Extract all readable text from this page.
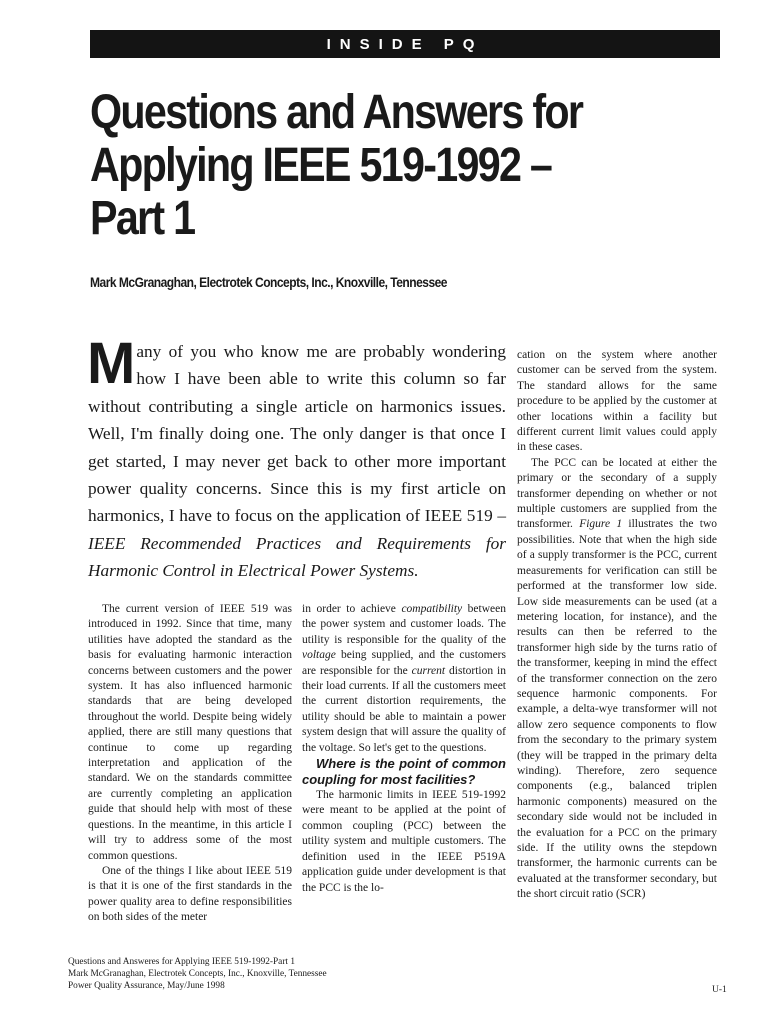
INSIDE PQ
Questions and Answers for
Applying IEEE 519-1992 –
Part 1
Mark McGranaghan, Electrotek Concepts, Inc., Knoxville, Tennessee
M any of you who know me are probably wondering how I have been able to write this column so far without contributing a single article on harmonics issues. Well, I'm finally doing one. The only danger is that once I get started, I may never get back to other more important power quality concerns. Since this is my first article on harmonics, I have to focus on the application of IEEE 519 – IEEE Recommended Practices and Requirements for Harmonic Control in Electrical Power Systems.

The current version of IEEE 519 was introduced in 1992. Since that time, many utilities have adopted the standard as the basis for evaluating harmonic interaction concerns between customers and the power system. It has also influenced harmonic standards that are being developed throughout the world. Despite being widely applied, there are still many questions that continue to come up regarding interpretation and application of the standard. We on the standards committee are currently completing an application guide that should help with most of these questions. In the meantime, in this article I will try to address some of the most common questions.

One of the things I like about IEEE 519 is that it is one of the first standards in the power quality area to define responsibilities on both sides of the meter

in order to achieve compatibility between the power system and customer loads. The utility is responsible for the quality of the voltage being supplied, and the customers are responsible for the current distortion in their load currents. If all the customers meet the current distortion requirements, the utility should be able to maintain a power system design that will assure the quality of the voltage. So let's get to the questions.

Where is the point of common coupling for most facilities?

The harmonic limits in IEEE 519-1992 were meant to be applied at the point of common coupling (PCC) between the utility system and multiple customers. The definition used in the IEEE P519A application guide under development is that the PCC is the lo-

cation on the system where another customer can be served from the system. The standard allows for the same procedure to be applied by the customer at other locations within a facility but different current limit values could apply in these cases.

The PCC can be located at either the primary or the secondary of a supply transformer depending on whether or not multiple customers are supplied from the transformer. Figure 1 illustrates the two possibilities. Note that when the high side of a supply transformer is the PCC, current measurements for verification can still be performed at the transformer low side. Low side measurements can be used (at a metering location, for instance), and the results can then be referred to the transformer high side by the turns ratio of the transformer, keeping in mind the effect of the transformer connection on the zero sequence harmonic components. For example, a delta-wye transformer will not allow zero sequence components to flow from the secondary to the primary system (they will be trapped in the primary delta winding). Therefore, zero sequence components (e.g., balanced triplen harmonic components) measured on the secondary side would not be included in the evaluation for a PCC on the primary side. If the utility owns the stepdown transformer, the harmonic currents can be evaluated at the transformer secondary, but the short circuit ratio (SCR)

Questions and Answeres for Applying IEEE 519-1992-Part 1
Mark McGranaghan, Electrotek Concepts, Inc., Knoxville, Tennessee
Power Quality Assurance, May/June 1998	U-1
